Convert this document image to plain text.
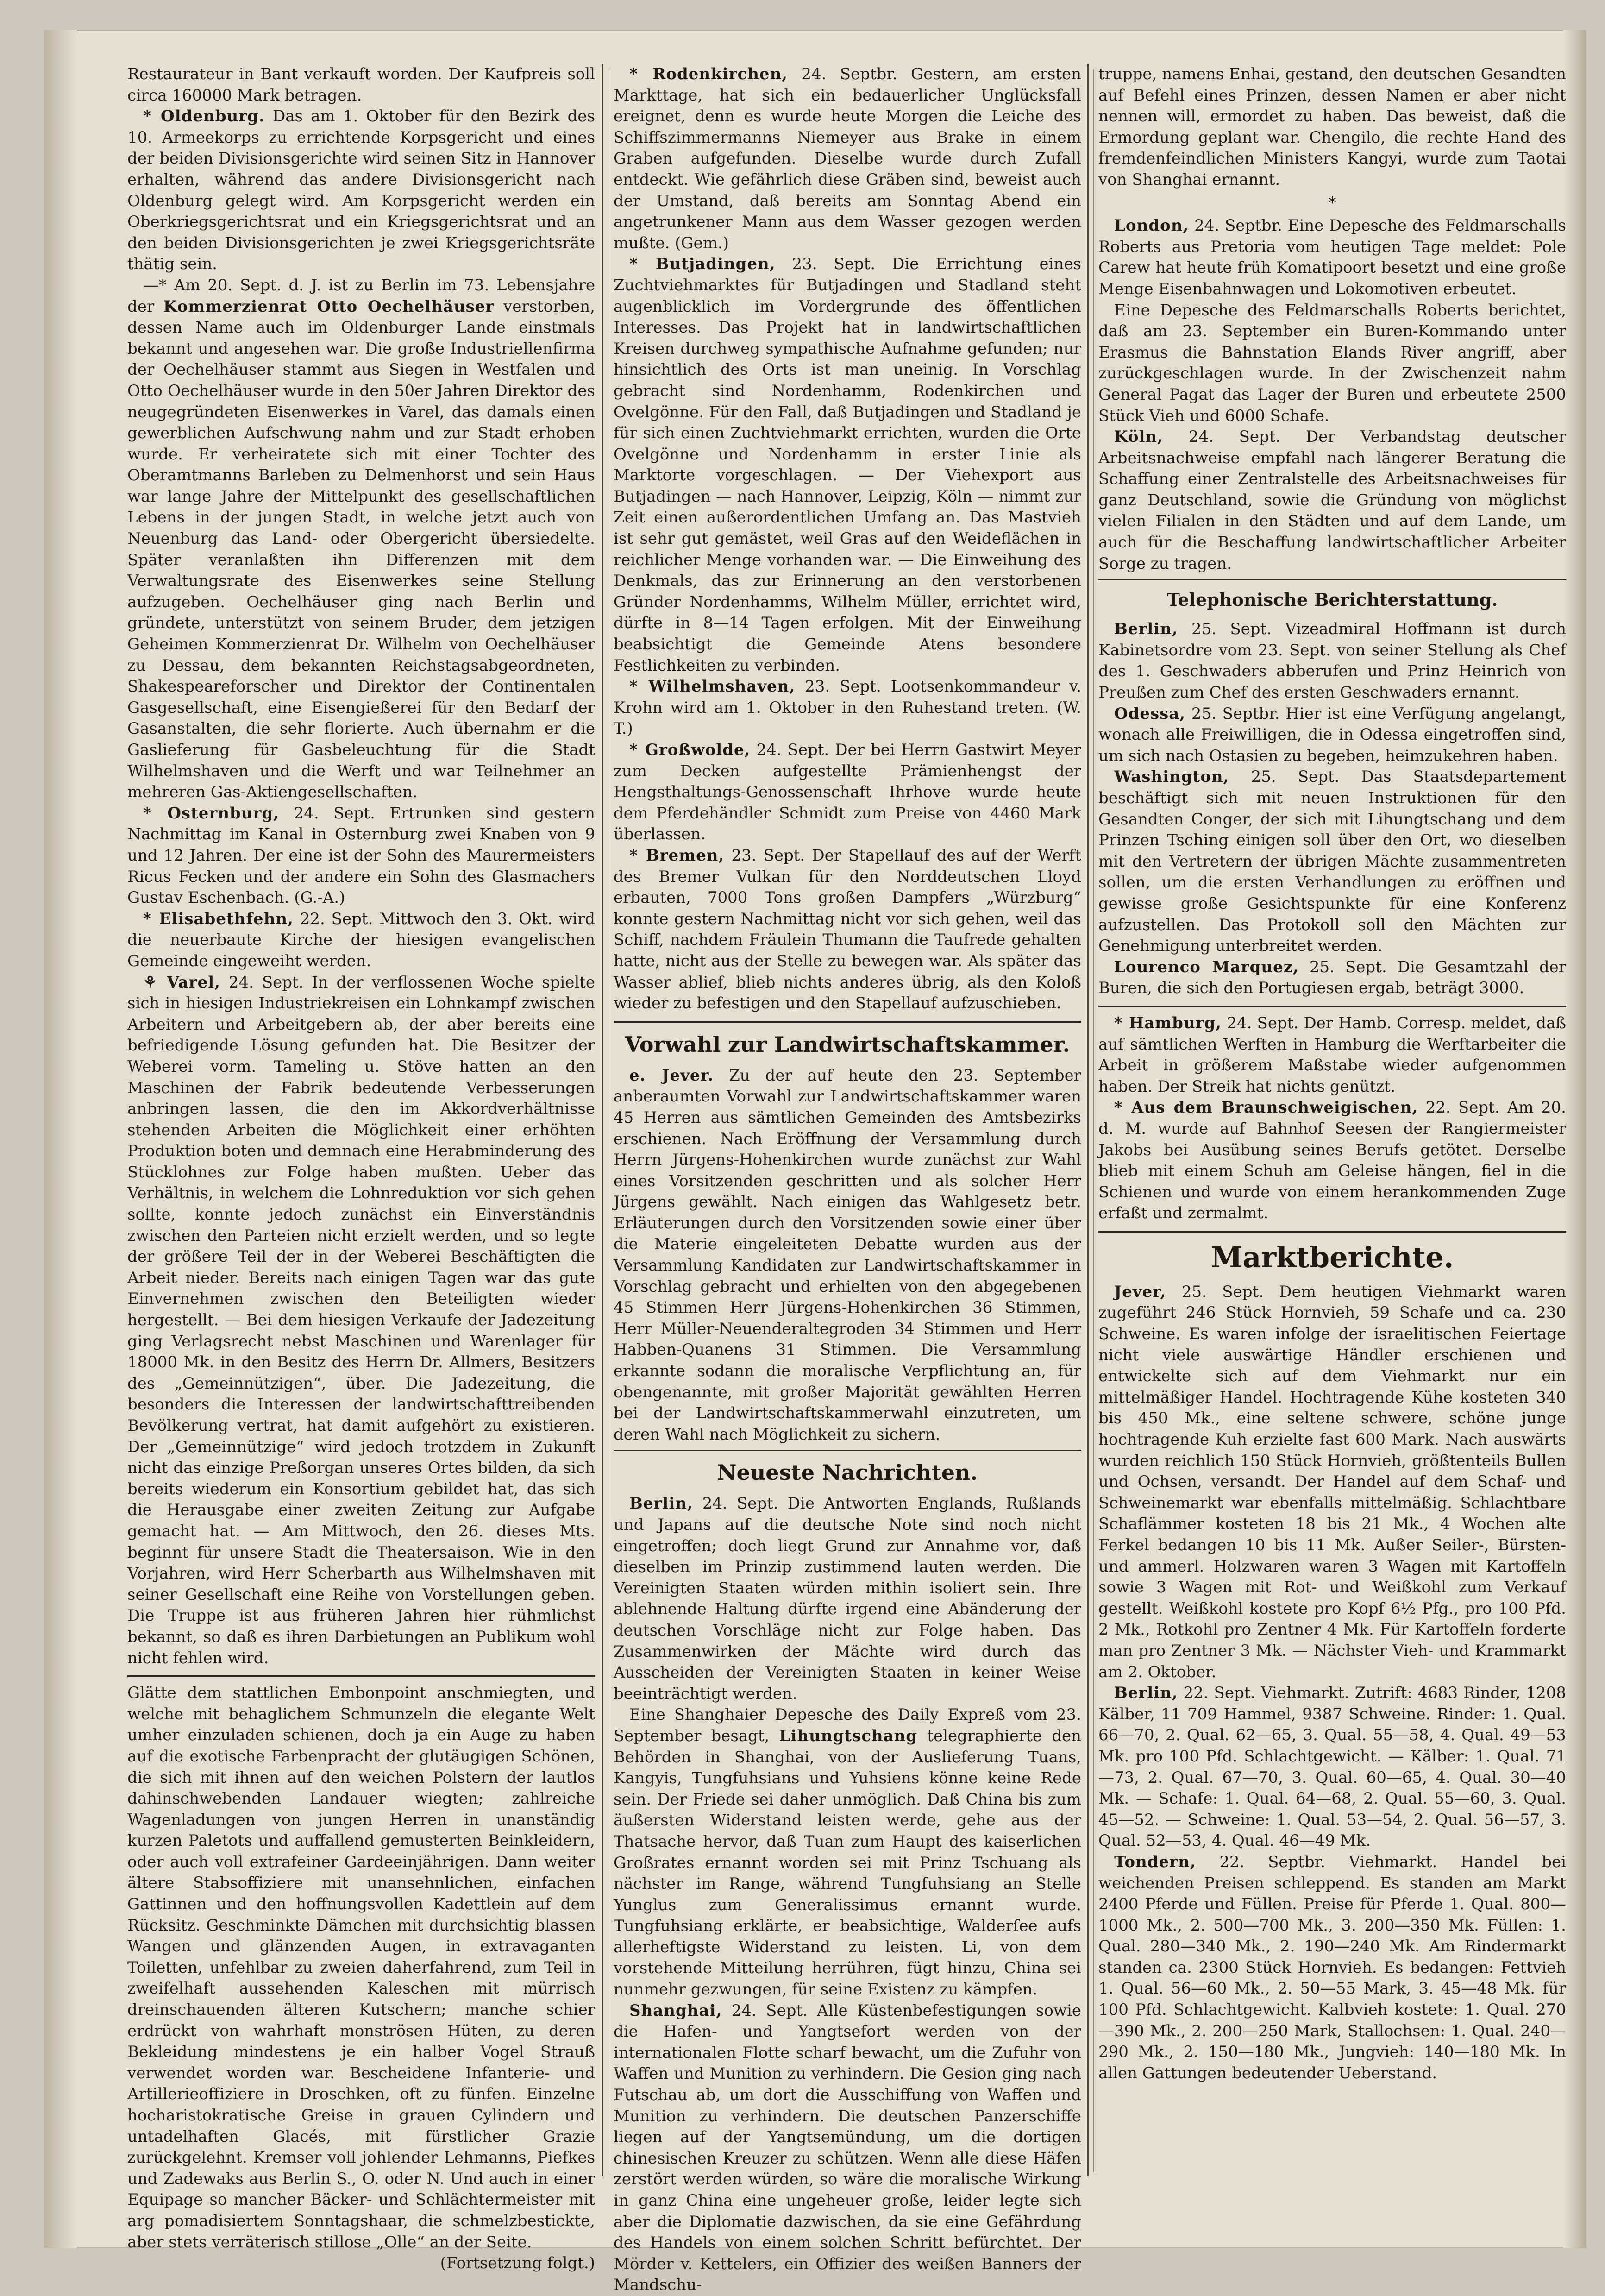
Restaurateur in Bant verkauft worden. Der Kaufpreis soll circa 160000 Mark betragen.

* Oldenburg. Das am 1. Oktober für den Bezirk des 10. Armeekorps zu errichtende Korpsgericht und eines der beiden Divisionsgerichte wird seinen Sitz in Hannover erhalten, während das andere Divisionsgericht nach Oldenburg gelegt wird. Am Korpsgericht werden ein Oberkriegsgerichtsrat und ein Kriegsgerichtsrat und an den beiden Divisionsgerichten je zwei Kriegsgerichtsräte thätig sein.

—* Am 20. Sept. d. J. ist zu Berlin im 73. Lebensjahre der Kommerzienrat Otto Oechelhäuser verstorben, dessen Name auch im Oldenburger Lande einstmals bekannt und angesehen war. Die große Industriellenfirma der Oechelhäuser stammt aus Siegen in Westfalen und Otto Oechelhäuser wurde in den 50er Jahren Direktor des neugegründeten Eisenwerkes in Varel, das damals einen gewerblichen Aufschwung nahm und zur Stadt erhoben wurde. Er verheiratete sich mit einer Tochter des Oberamtmanns Barleben zu Delmenhorst und sein Haus war lange Jahre der Mittelpunkt des gesellschaftlichen Lebens in der jungen Stadt, in welche jetzt auch von Neuenburg das Land- oder Obergericht übersiedelte. Später veranlaßten ihn Differenzen mit dem Verwaltungsrate des Eisenwerkes seine Stellung aufzugeben. Oechelhäuser ging nach Berlin und gründete, unterstützt von seinem Bruder, dem jetzigen Geheimen Kommerzienrat Dr. Wilhelm von Oechelhäuser zu Dessau, dem bekannten Reichstagsabgeordneten, Shakespeareforscher und Direktor der Continentalen Gasgesellschaft, eine Eisengießerei für den Bedarf der Gasanstalten, die sehr florierte. Auch übernahm er die Gaslieferung für Gasbeleuchtung für die Stadt Wilhelmshaven und die Werft und war Teilnehmer an mehreren Gas-Aktiengesellschaften.

* Osternburg, 24. Sept. Ertrunken sind gestern Nachmittag im Kanal in Osternburg zwei Knaben von 9 und 12 Jahren. Der eine ist der Sohn des Maurermeisters Ricus Fecken und der andere ein Sohn des Glasmachers Gustav Eschenbach. (G.-A.)

* Elisabethfehn, 22. Sept. Mittwoch den 3. Okt. wird die neuerbaute Kirche der hiesigen evangelischen Gemeinde eingeweiht werden.

⚘ Varel, 24. Sept. In der verflossenen Woche spielte sich in hiesigen Industriekreisen ein Lohnkampf zwischen Arbeitern und Arbeitgebern ab, der aber bereits eine befriedigende Lösung gefunden hat. Die Besitzer der Weberei vorm. Tameling u. Stöve hatten an den Maschinen der Fabrik bedeutende Verbesserungen anbringen lassen, die den im Akkordverhältnisse stehenden Arbeiten die Möglichkeit einer erhöhten Produktion boten und demnach eine Herabminderung des Stücklohnes zur Folge haben mußten. Ueber das Verhältnis, in welchem die Lohnreduktion vor sich gehen sollte, konnte jedoch zunächst ein Einverständnis zwischen den Parteien nicht erzielt werden, und so legte der größere Teil der in der Weberei Beschäftigten die Arbeit nieder. Bereits nach einigen Tagen war das gute Einvernehmen zwischen den Beteiligten wieder hergestellt. — Bei dem hiesigen Verkaufe der Jadezeitung ging Verlagsrecht nebst Maschinen und Warenlager für 18000 Mk. in den Besitz des Herrn Dr. Allmers, Besitzers des „Gemeinnützigen“, über. Die Jadezeitung, die besonders die Interessen der landwirtschafttreibenden Bevölkerung vertrat, hat damit aufgehört zu existieren. Der „Gemeinnützige“ wird jedoch trotzdem in Zukunft nicht das einzige Preßorgan unseres Ortes bilden, da sich bereits wiederum ein Konsortium gebildet hat, das sich die Herausgabe einer zweiten Zeitung zur Aufgabe gemacht hat. — Am Mittwoch, den 26. dieses Mts. beginnt für unsere Stadt die Theatersaison. Wie in den Vorjahren, wird Herr Scherbarth aus Wilhelmshaven mit seiner Gesellschaft eine Reihe von Vorstellungen geben. Die Truppe ist aus früheren Jahren hier rühmlichst bekannt, so daß es ihren Darbietungen an Publikum wohl nicht fehlen wird.

Glätte dem stattlichen Embonpoint anschmiegten, und welche mit behaglichem Schmunzeln die elegante Welt umher einzuladen schienen, doch ja ein Auge zu haben auf die exotische Farbenpracht der glutäugigen Schönen, die sich mit ihnen auf den weichen Polstern der lautlos dahinschwebenden Landauer wiegten; zahlreiche Wagenladungen von jungen Herren in unanständig kurzen Paletots und auffallend gemusterten Beinkleidern, oder auch voll extrafeiner Gardeeinjährigen. Dann weiter ältere Stabsoffiziere mit unansehnlichen, einfachen Gattinnen und den hoffnungsvollen Kadettlein auf dem Rücksitz. Geschminkte Dämchen mit durchsichtig blassen Wangen und glänzenden Augen, in extravaganten Toiletten, unfehlbar zu zweien daherfahrend, zum Teil in zweifelhaft aussehenden Kaleschen mit mürrisch dreinschauenden älteren Kutschern; manche schier erdrückt von wahrhaft monströsen Hüten, zu deren Bekleidung mindestens je ein halber Vogel Strauß verwendet worden war. Bescheidene Infanterie- und Artillerieoffiziere in Droschken, oft zu fünfen. Einzelne hocharistokratische Greise in grauen Cylindern und untadelhaften Glacés, mit fürstlicher Grazie zurückgelehnt. Kremser voll johlender Lehmanns, Piefkes und Zadewaks aus Berlin S., O. oder N. Und auch in einer Equipage so mancher Bäcker- und Schlächtermeister mit arg pomadisiertem Sonntagshaar, die schmelzbestickte, aber stets verräterisch stillose „Olle“ an der Seite.
(Fortsetzung folgt.)

* Rodenkirchen, 24. Septbr. Gestern, am ersten Markttage, hat sich ein bedauerlicher Unglücksfall ereignet, denn es wurde heute Morgen die Leiche des Schiffszimmermanns Niemeyer aus Brake in einem Graben aufgefunden. Dieselbe wurde durch Zufall entdeckt. Wie gefährlich diese Gräben sind, beweist auch der Umstand, daß bereits am Sonntag Abend ein angetrunkener Mann aus dem Wasser gezogen werden mußte. (Gem.)

* Butjadingen, 23. Sept. Die Errichtung eines Zuchtviehmarktes für Butjadingen und Stadland steht augenblicklich im Vordergrunde des öffentlichen Interesses. Das Projekt hat in landwirtschaftlichen Kreisen durchweg sympathische Aufnahme gefunden; nur hinsichtlich des Orts ist man uneinig. In Vorschlag gebracht sind Nordenhamm, Rodenkirchen und Ovelgönne. Für den Fall, daß Butjadingen und Stadland je für sich einen Zuchtviehmarkt errichten, wurden die Orte Ovelgönne und Nordenhamm in erster Linie als Marktorte vorgeschlagen. — Der Viehexport aus Butjadingen — nach Hannover, Leipzig, Köln — nimmt zur Zeit einen außerordentlichen Umfang an. Das Mastvieh ist sehr gut gemästet, weil Gras auf den Weideflächen in reichlicher Menge vorhanden war. — Die Einweihung des Denkmals, das zur Erinnerung an den verstorbenen Gründer Nordenhamms, Wilhelm Müller, errichtet wird, dürfte in 8—14 Tagen erfolgen. Mit der Einweihung beabsichtigt die Gemeinde Atens besondere Festlichkeiten zu verbinden.

* Wilhelmshaven, 23. Sept. Lootsenkommandeur v. Krohn wird am 1. Oktober in den Ruhestand treten. (W. T.)

* Großwolde, 24. Sept. Der bei Herrn Gastwirt Meyer zum Decken aufgestellte Prämienhengst der Hengsthaltungs-Genossenschaft Ihrhove wurde heute dem Pferdehändler Schmidt zum Preise von 4460 Mark überlassen.

* Bremen, 23. Sept. Der Stapellauf des auf der Werft des Bremer Vulkan für den Norddeutschen Lloyd erbauten, 7000 Tons großen Dampfers „Würzburg“ konnte gestern Nachmittag nicht vor sich gehen, weil das Schiff, nachdem Fräulein Thumann die Taufrede gehalten hatte, nicht aus der Stelle zu bewegen war. Als später das Wasser ablief, blieb nichts anderes übrig, als den Koloß wieder zu befestigen und den Stapellauf aufzuschieben.

Vorwahl zur Landwirtschaftskammer.

e. Jever. Zu der auf heute den 23. September anberaumten Vorwahl zur Landwirtschaftskammer waren 45 Herren aus sämtlichen Gemeinden des Amtsbezirks erschienen. Nach Eröffnung der Versammlung durch Herrn Jürgens-Hohenkirchen wurde zunächst zur Wahl eines Vorsitzenden geschritten und als solcher Herr Jürgens gewählt. Nach einigen das Wahlgesetz betr. Erläuterungen durch den Vorsitzenden sowie einer über die Materie eingeleiteten Debatte wurden aus der Versammlung Kandidaten zur Landwirtschaftskammer in Vorschlag gebracht und erhielten von den abgegebenen 45 Stimmen Herr Jürgens-Hohenkirchen 36 Stimmen, Herr Müller-Neuenderaltegroden 34 Stimmen und Herr Habben-Quanens 31 Stimmen. Die Versammlung erkannte sodann die moralische Verpflichtung an, für obengenannte, mit großer Majorität gewählten Herren bei der Landwirtschaftskammerwahl einzutreten, um deren Wahl nach Möglichkeit zu sichern.

Neueste Nachrichten.

Berlin, 24. Sept. Die Antworten Englands, Rußlands und Japans auf die deutsche Note sind noch nicht eingetroffen; doch liegt Grund zur Annahme vor, daß dieselben im Prinzip zustimmend lauten werden. Die Vereinigten Staaten würden mithin isoliert sein. Ihre ablehnende Haltung dürfte irgend eine Abänderung der deutschen Vorschläge nicht zur Folge haben. Das Zusammenwirken der Mächte wird durch das Ausscheiden der Vereinigten Staaten in keiner Weise beeinträchtigt werden.

Eine Shanghaier Depesche des Daily Expreß vom 23. September besagt, Lihungtschang telegraphierte den Behörden in Shanghai, von der Auslieferung Tuans, Kangyis, Tungfuhsians und Yuhsiens könne keine Rede sein. Der Friede sei daher unmöglich. Daß China bis zum äußersten Widerstand leisten werde, gehe aus der Thatsache hervor, daß Tuan zum Haupt des kaiserlichen Großrates ernannt worden sei mit Prinz Tschuang als nächster im Range, während Tungfuhsiang an Stelle Yunglus zum Generalissimus ernannt wurde. Tungfuhsiang erklärte, er beabsichtige, Walderſee aufs allerheftigste Widerstand zu leisten. Li, von dem vorstehende Mitteilung herrühren, fügt hinzu, China sei nunmehr gezwungen, für seine Existenz zu kämpfen.

Shanghai, 24. Sept. Alle Küstenbefestigungen sowie die Hafen- und Yangtsefort werden von der internationalen Flotte scharf bewacht, um die Zufuhr von Waffen und Munition zu verhindern. Die Gesion ging nach Futschau ab, um dort die Ausschiffung von Waffen und Munition zu verhindern. Die deutschen Panzerschiffe liegen auf der Yangtsemündung, um die dortigen chinesischen Kreuzer zu schützen. Wenn alle diese Häfen zerstört werden würden, so wäre die moralische Wirkung in ganz China eine ungeheuer große, leider legte sich aber die Diplomatie dazwischen, da sie eine Gefährdung des Handels von einem solchen Schritt befürchtet. Der Mörder v. Kettelers, ein Offizier des weißen Banners der Mandschu-

truppe, namens Enhai, gestand, den deutschen Gesandten auf Befehl eines Prinzen, dessen Namen er aber nicht nennen will, ermordet zu haben. Das beweist, daß die Ermordung geplant war. Chengilo, die rechte Hand des fremdenfeindlichen Ministers Kangyi, wurde zum Taotai von Shanghai ernannt.

*

London, 24. Septbr. Eine Depesche des Feldmarschalls Roberts aus Pretoria vom heutigen Tage meldet: Pole Carew hat heute früh Komatipoort besetzt und eine große Menge Eisenbahnwagen und Lokomotiven erbeutet.

Eine Depesche des Feldmarschalls Roberts berichtet, daß am 23. September ein Buren-Kommando unter Erasmus die Bahnstation Elands River angriff, aber zurückgeschlagen wurde. In der Zwischenzeit nahm General Pagat das Lager der Buren und erbeutete 2500 Stück Vieh und 6000 Schafe.

Köln, 24. Sept. Der Verbandstag deutscher Arbeitsnachweise empfahl nach längerer Beratung die Schaffung einer Zentralstelle des Arbeitsnachweises für ganz Deutschland, sowie die Gründung von möglichst vielen Filialen in den Städten und auf dem Lande, um auch für die Beschaffung landwirtschaftlicher Arbeiter Sorge zu tragen.

Telephonische Berichterstattung.

Berlin, 25. Sept. Vizeadmiral Hoffmann ist durch Kabinetsordre vom 23. Sept. von seiner Stellung als Chef des 1. Geschwaders abberufen und Prinz Heinrich von Preußen zum Chef des ersten Geschwaders ernannt.

Odessa, 25. Septbr. Hier ist eine Verfügung angelangt, wonach alle Freiwilligen, die in Odessa eingetroffen sind, um sich nach Ostasien zu begeben, heimzukehren haben.

Washington, 25. Sept. Das Staatsdepartement beschäftigt sich mit neuen Instruktionen für den Gesandten Conger, der sich mit Lihungtschang und dem Prinzen Tsching einigen soll über den Ort, wo dieselben mit den Vertretern der übrigen Mächte zusammentreten sollen, um die ersten Verhandlungen zu eröffnen und gewisse große Gesichtspunkte für eine Konferenz aufzustellen. Das Protokoll soll den Mächten zur Genehmigung unterbreitet werden.

Lourenco Marquez, 25. Sept. Die Gesamtzahl der Buren, die sich den Portugiesen ergab, beträgt 3000.

* Hamburg, 24. Sept. Der Hamb. Corresp. meldet, daß auf sämtlichen Werften in Hamburg die Werftarbeiter die Arbeit in größerem Maßstabe wieder aufgenommen haben. Der Streik hat nichts genützt.

* Aus dem Braunschweigischen, 22. Sept. Am 20. d. M. wurde auf Bahnhof Seesen der Rangiermeister Jakobs bei Ausübung seines Berufs getötet. Derselbe blieb mit einem Schuh am Geleise hängen, fiel in die Schienen und wurde von einem herankommenden Zuge erfaßt und zermalmt.

Marktberichte.

Jever, 25. Sept. Dem heutigen Viehmarkt waren zugeführt 246 Stück Hornvieh, 59 Schafe und ca. 230 Schweine. Es waren infolge der israelitischen Feiertage nicht viele auswärtige Händler erschienen und entwickelte sich auf dem Viehmarkt nur ein mittelmäßiger Handel. Hochtragende Kühe kosteten 340 bis 450 Mk., eine seltene schwere, schöne junge hochtragende Kuh erzielte fast 600 Mark. Nach auswärts wurden reichlich 150 Stück Hornvieh, größtenteils Bullen und Ochsen, versandt. Der Handel auf dem Schaf- und Schweinemarkt war ebenfalls mittelmäßig. Schlachtbare Schaflämmer kosteten 18 bis 21 Mk., 4 Wochen alte Ferkel bedangen 10 bis 11 Mk. Außer Seiler-, Bürsten- und ammerl. Holzwaren waren 3 Wagen mit Kartoffeln sowie 3 Wagen mit Rot- und Weißkohl zum Verkauf gestellt. Weißkohl kostete pro Kopf 6½ Pfg., pro 100 Pfd. 2 Mk., Rotkohl pro Zentner 4 Mk. Für Kartoffeln forderte man pro Zentner 3 Mk. — Nächster Vieh- und Krammarkt am 2. Oktober.

Berlin, 22. Sept. Viehmarkt. Zutrift: 4683 Rinder, 1208 Kälber, 11 709 Hammel, 9387 Schweine. Rinder: 1. Qual. 66—70, 2. Qual. 62—65, 3. Qual. 55—58, 4. Qual. 49—53 Mk. pro 100 Pfd. Schlachtgewicht. — Kälber: 1. Qual. 71—73, 2. Qual. 67—70, 3. Qual. 60—65, 4. Qual. 30—40 Mk. — Schafe: 1. Qual. 64—68, 2. Qual. 55—60, 3. Qual. 45—52. — Schweine: 1. Qual. 53—54, 2. Qual. 56—57, 3. Qual. 52—53, 4. Qual. 46—49 Mk.

Tondern, 22. Septbr. Viehmarkt. Handel bei weichenden Preisen schleppend. Es standen am Markt 2400 Pferde und Füllen. Preise für Pferde 1. Qual. 800—1000 Mk., 2. 500—700 Mk., 3. 200—350 Mk. Füllen: 1. Qual. 280—340 Mk., 2. 190—240 Mk. Am Rindermarkt standen ca. 2300 Stück Hornvieh. Es bedangen: Fettvieh 1. Qual. 56—60 Mk., 2. 50—55 Mark, 3. 45—48 Mk. für 100 Pfd. Schlachtgewicht. Kalbvieh kostete: 1. Qual. 270—390 Mk., 2. 200—250 Mark, Stallochsen: 1. Qual. 240—290 Mk., 2. 150—180 Mk., Jungvieh: 140—180 Mk. In allen Gattungen bedeutender Ueberstand.
